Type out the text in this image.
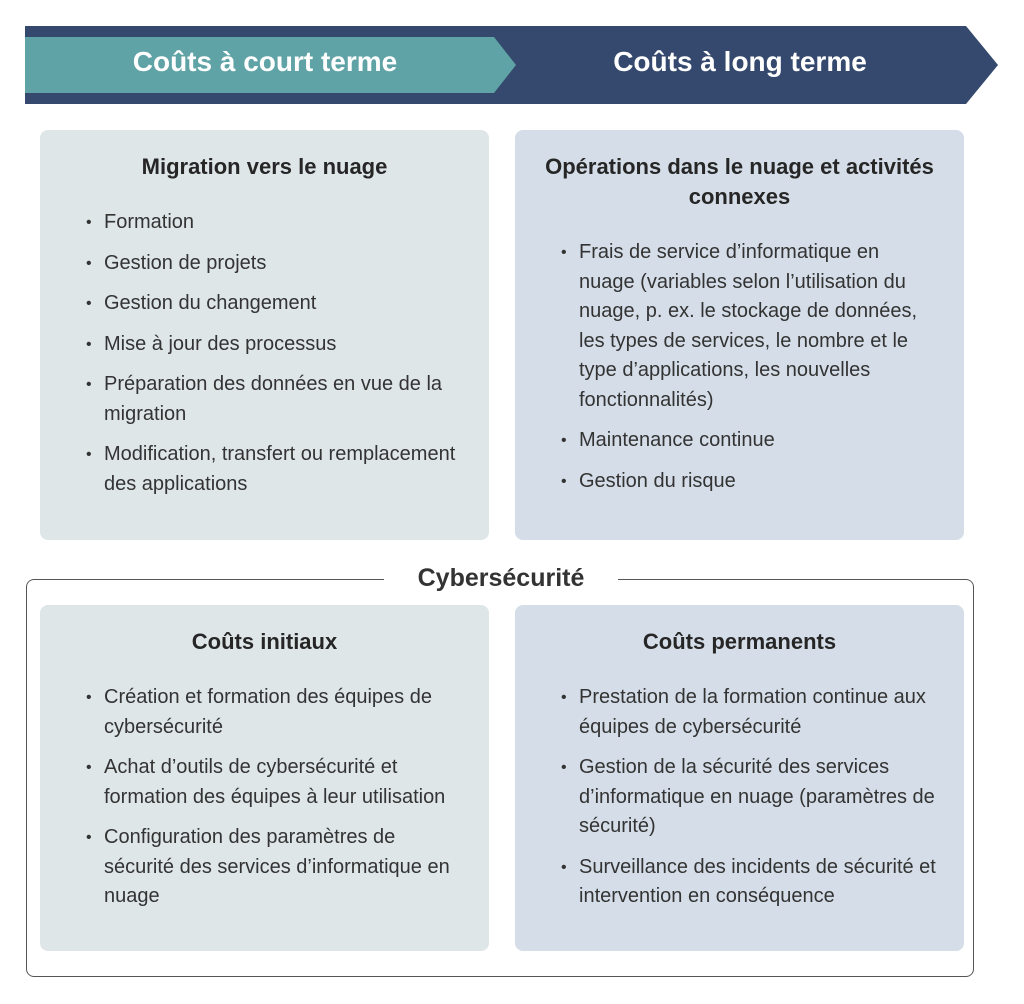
Coûts à court terme	Coûts à long terme
Migration vers le nuage
• Formation
• Gestion de projets
• Gestion du changement
• Mise à jour des processus
• Préparation des données en vue de la migration
• Modification, transfert ou remplacement des applications
Opérations dans le nuage et activités connexes
• Frais de service d’informatique en nuage (variables selon l’utilisation du nuage, p. ex. le stockage de données, les types de services, le nombre et le type d’applications, les nouvelles fonctionnalités)
• Maintenance continue
• Gestion du risque
Cybersécurité
Coûts initiaux
• Création et formation des équipes de cybersécurité
• Achat d’outils de cybersécurité et formation des équipes à leur utilisation
• Configuration des paramètres de sécurité des services d’informatique en nuage
Coûts permanents
• Prestation de la formation continue aux équipes de cybersécurité
• Gestion de la sécurité des services d’informatique en nuage (paramètres de sécurité)
• Surveillance des incidents de sécurité et intervention en conséquence
